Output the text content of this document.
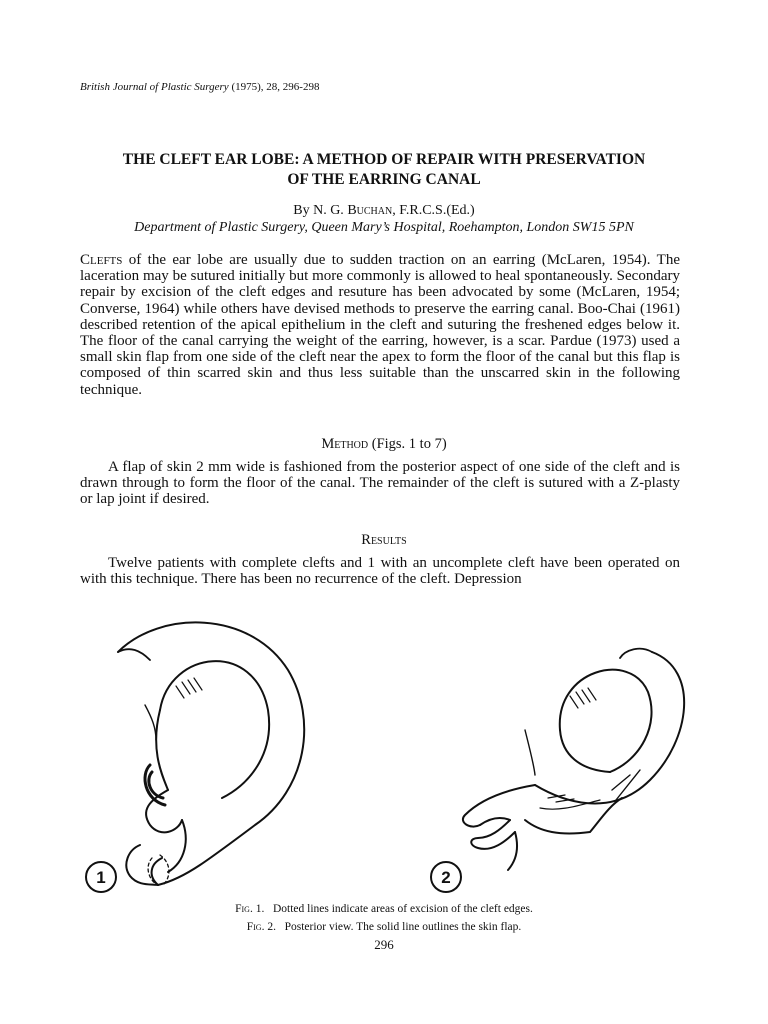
British Journal of Plastic Surgery (1975), 28, 296-298
THE CLEFT EAR LOBE: A METHOD OF REPAIR WITH PRESERVATION
OF THE EARRING CANAL
By N. G. Buchan, F.R.C.S.(Ed.)
Department of Plastic Surgery, Queen Mary’s Hospital, Roehampton, London SW15 5PN
Clefts of the ear lobe are usually due to sudden traction on an earring (McLaren, 1954). The laceration may be sutured initially but more commonly is allowed to heal spontaneously. Secondary repair by excision of the cleft edges and resuture has been advocated by some (McLaren, 1954; Converse, 1964) while others have devised methods to preserve the earring canal. Boo-Chai (1961) described retention of the apical epithelium in the cleft and suturing the freshened edges below it. The floor of the canal carrying the weight of the earring, however, is a scar. Pardue (1973) used a small skin flap from one side of the cleft near the apex to form the floor of the canal but this flap is composed of thin scarred skin and thus less suitable than the unscarred skin in the following technique.
Method (Figs. 1 to 7)
A flap of skin 2 mm wide is fashioned from the posterior aspect of one side of the cleft and is drawn through to form the floor of the canal. The remainder of the cleft is sutured with a Z-plasty or lap joint if desired.
Results
Twelve patients with complete clefts and 1 with an uncomplete cleft have been operated on with this technique. There has been no recurrence of the cleft. Depression
1	2
Fig. 1. Dotted lines indicate areas of excision of the cleft edges.
Fig. 2. Posterior view. The solid line outlines the skin flap.
296
